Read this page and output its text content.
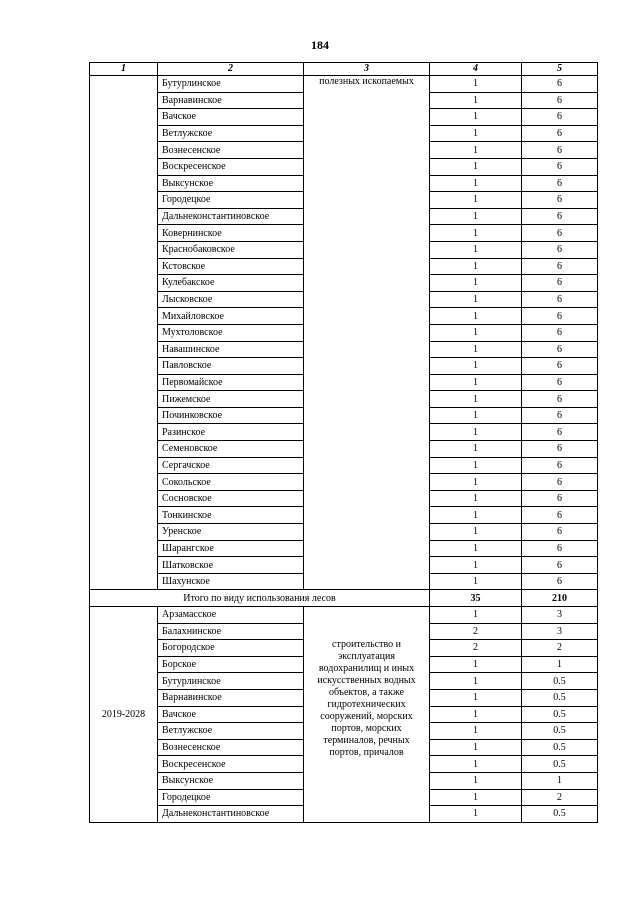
184
1	2	3	4	5
	Бутурлинское	полезных ископаемых	1	6
	Варнавинское		1	6
	Вачское		1	6
	Ветлужское		1	6
	Вознесенское		1	6
	Воскресенское		1	6
	Выксунское		1	6
	Городецкое		1	6
	Дальнеконстантиновское		1	6
	Ковернинское		1	6
	Краснобаковское		1	6
	Кстовское		1	6
	Кулебакское		1	6
	Лысковское		1	6
	Михайловское		1	6
	Мухтоловское		1	6
	Навашинское		1	6
	Павловское		1	6
	Первомайское		1	6
	Пижемское		1	6
	Починковское		1	6
	Разинское		1	6
	Семеновское		1	6
	Сергачское		1	6
	Сокольское		1	6
	Сосновское		1	6
	Тонкинское		1	6
	Уренское		1	6
	Шарангское		1	6
	Шатковское		1	6
	Шахунское		1	6
Итого по виду использования лесов			35	210
2019-2028	Арзамасское	строительство и эксплуатация водохранилищ и иных искусственных водных объектов, а также гидротехнических сооружений, морских портов, морских терминалов, речных портов, причалов	1	3
	Балахнинское		2	3
	Богородское		2	2
	Борское		1	1
	Бутурлинское		1	0.5
	Варнавинское		1	0.5
	Вачское		1	0.5
	Ветлужское		1	0.5
	Вознесенское		1	0.5
	Воскресенское		1	0.5
	Выксунское		1	1
	Городецкое		1	2
	Дальнеконстантиновское		1	0.5
